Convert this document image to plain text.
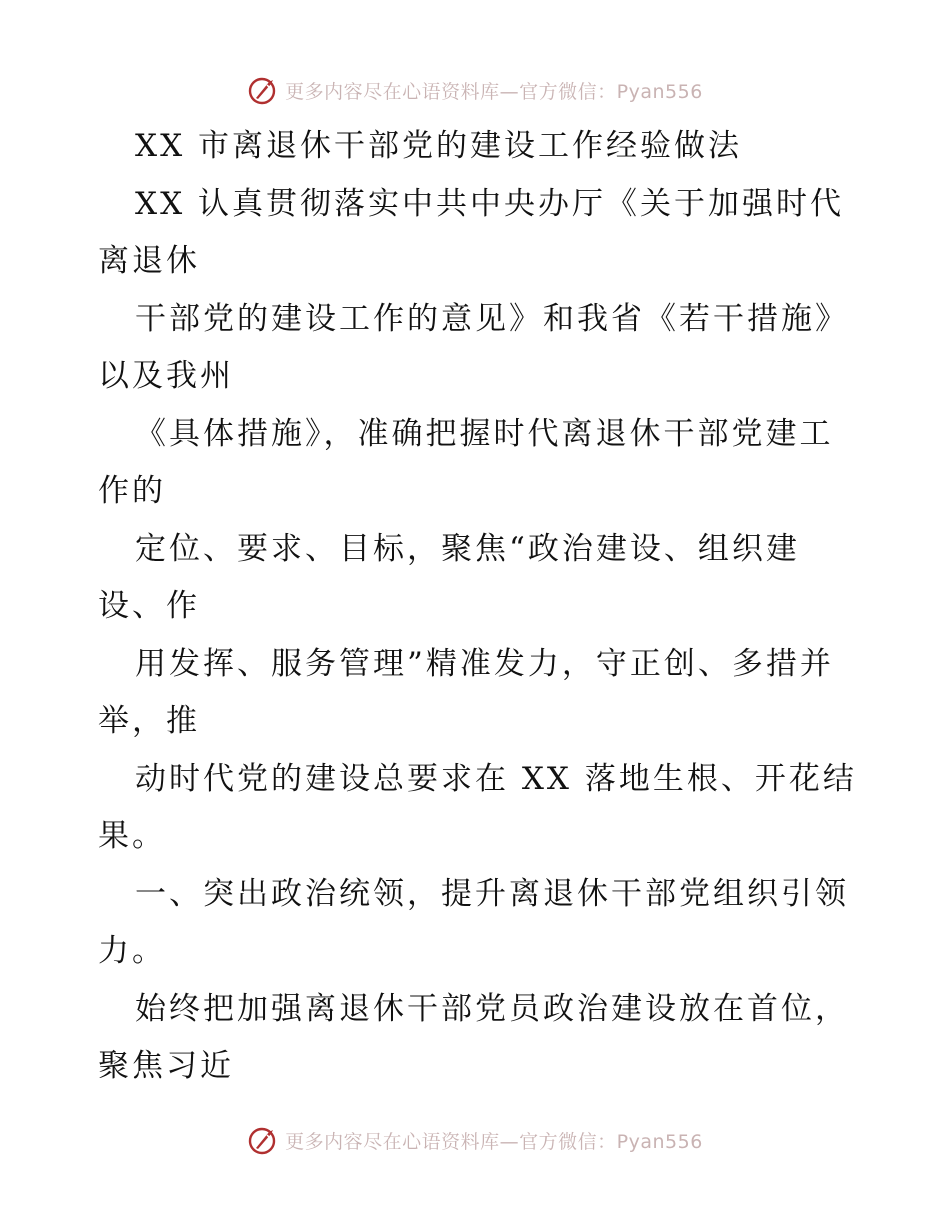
更多内容尽在心语资料库—官方微信：Pyan556
XX 市离退休干部党的建设工作经验做法
XX 认真贯彻落实中共中央办厅《关于加强时代
离退休
干部党的建设工作的意见》和我省《若干措施》
以及我州
《具体措施》，准确把握时代离退休干部党建工
作的
定位、要求、目标，聚焦“政治建设、组织建
设、作
用发挥、服务管理”精准发力，守正创、多措并
举，推
动时代党的建设总要求在 XX 落地生根、开花结
果。
一、突出政治统领，提升离退休干部党组织引领
力。
始终把加强离退休干部党员政治建设放在首位，
聚焦习近
更多内容尽在心语资料库—官方微信：Pyan556
